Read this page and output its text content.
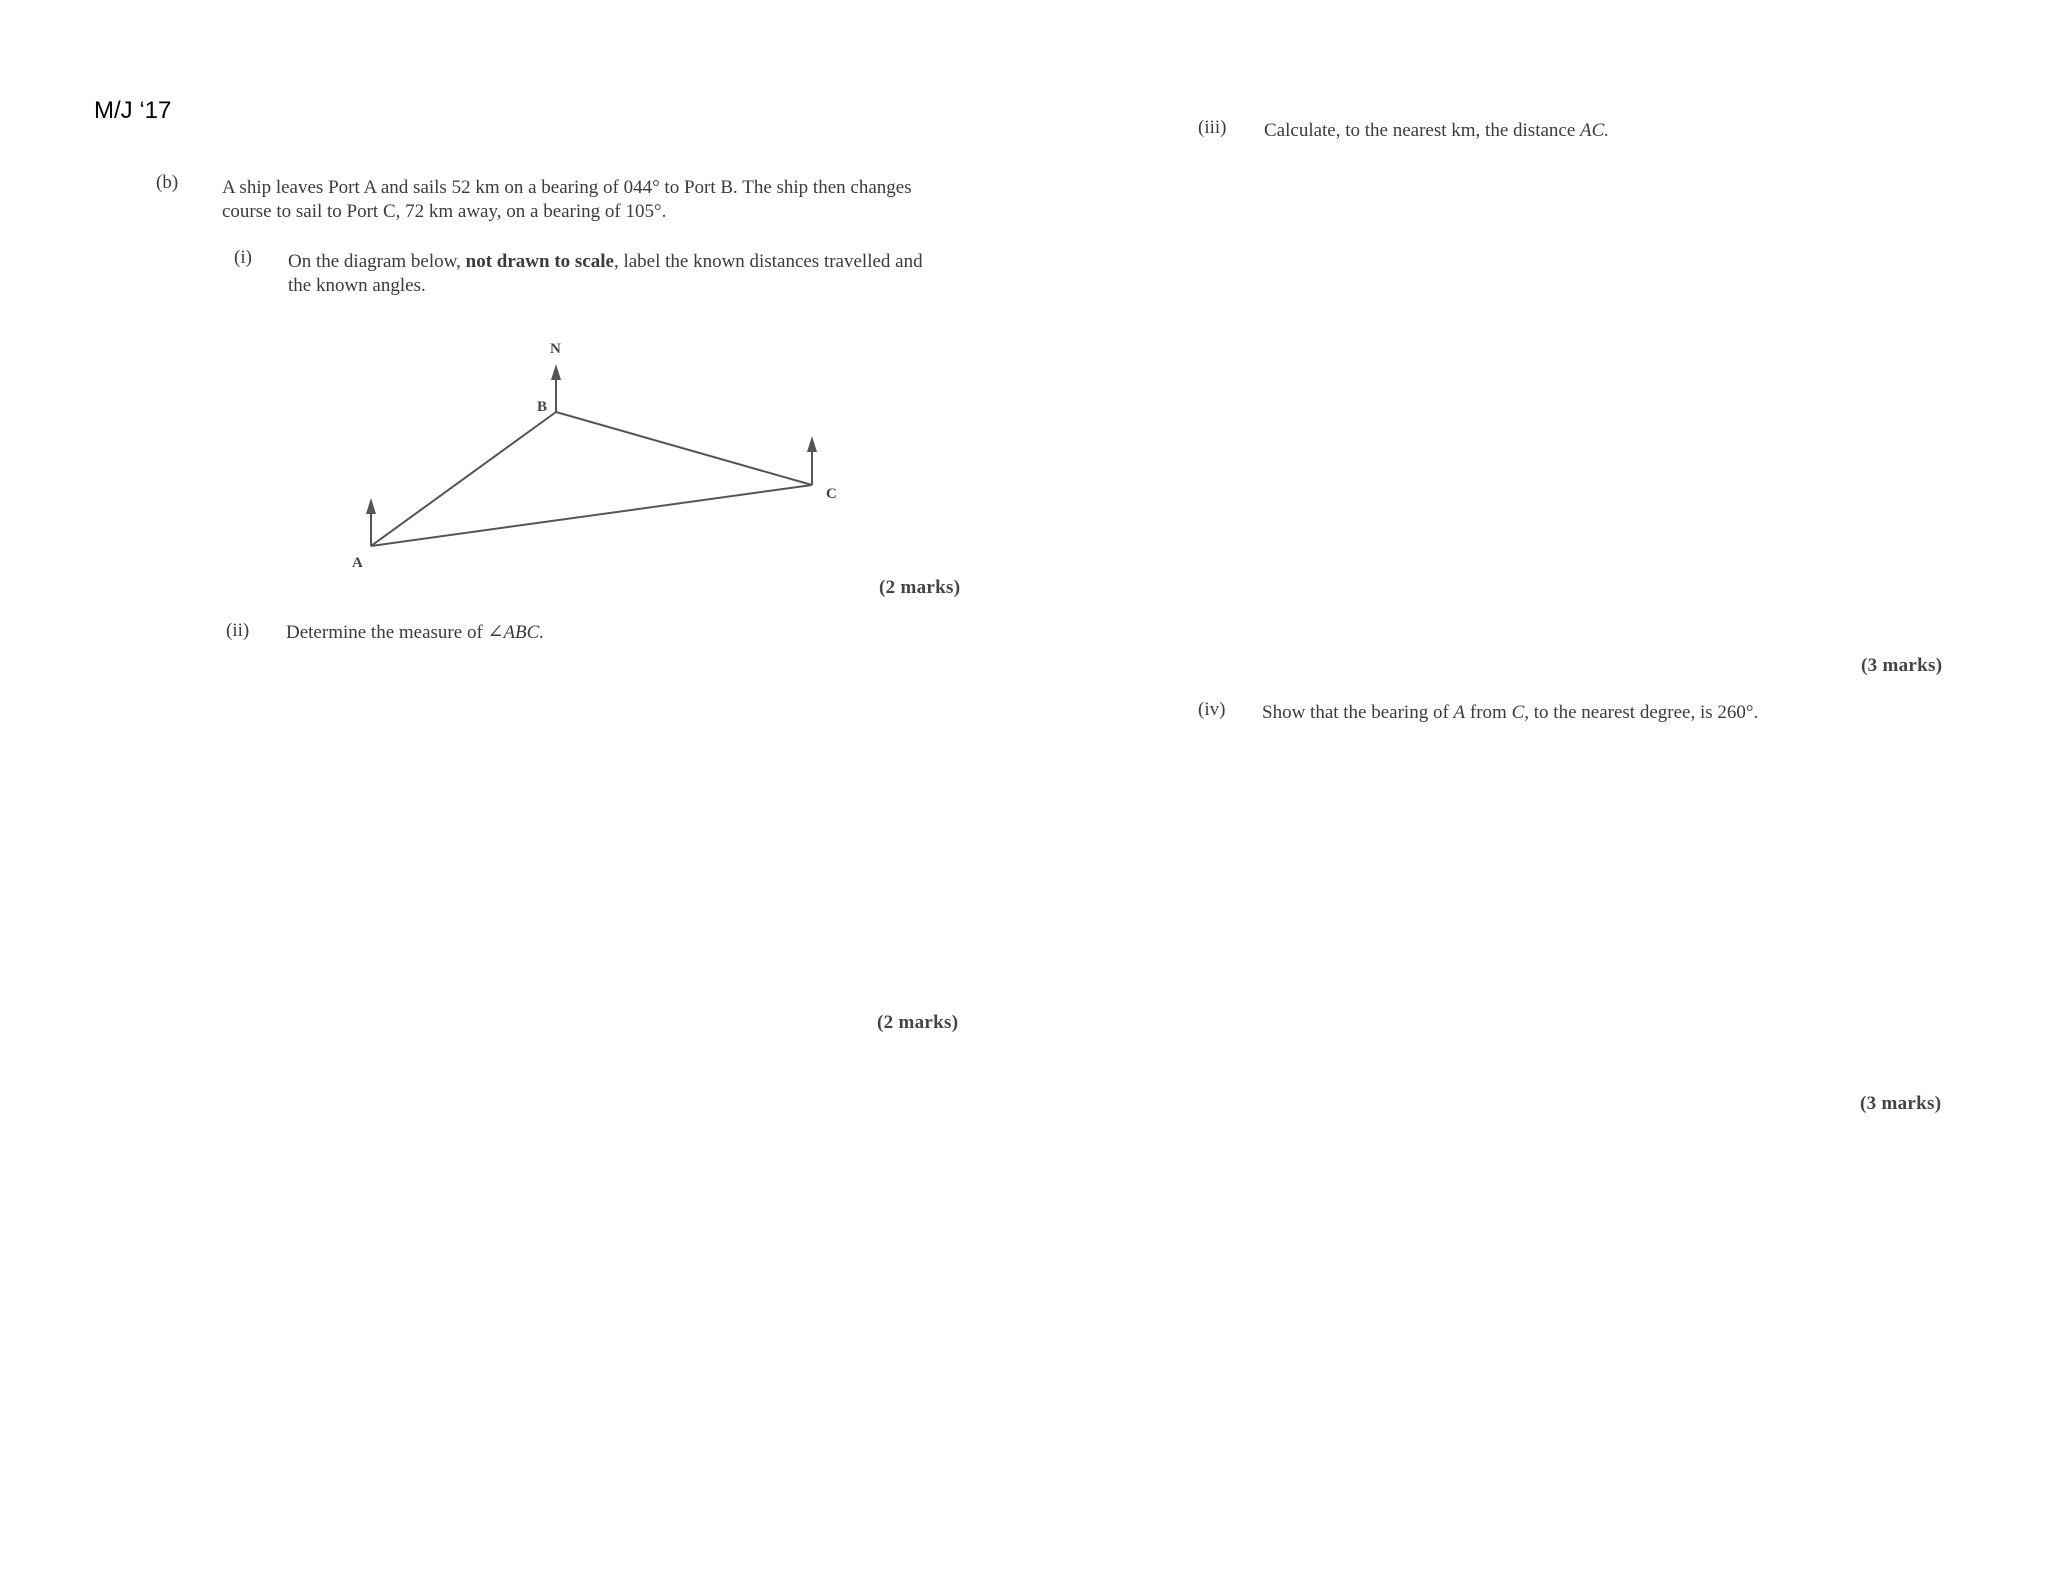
M/J ‘17
(b) A ship leaves Port A and sails 52 km on a bearing of 044° to Port B. The ship then changes
course to sail to Port C, 72 km away, on a bearing of 105°.
(i) On the diagram below, not drawn to scale, label the known distances travelled and
the known angles.
N
B
C
A
(2 marks)
(ii) Determine the measure of ∠ABC.
(2 marks)
(iii) Calculate, to the nearest km, the distance AC.
(3 marks)
(iv) Show that the bearing of A from C, to the nearest degree, is 260°.
(3 marks)
